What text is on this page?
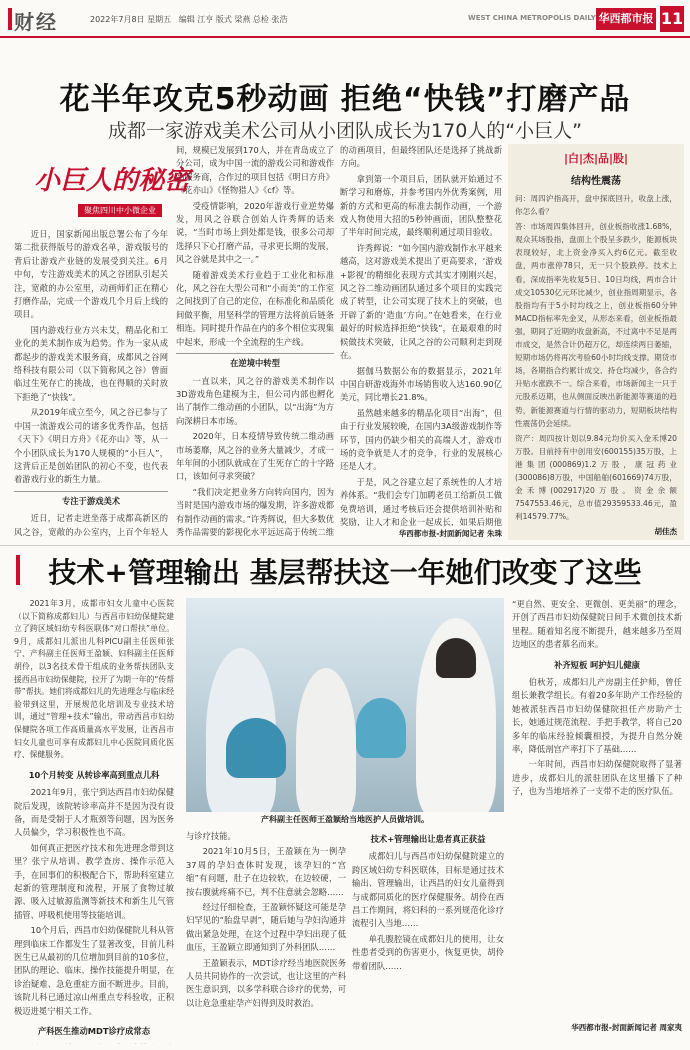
财经	2022年7月8日 星期五 编辑 江亨 版式 梁燕 总检 张浩	WEST CHINA METROPOLIS DAILY 华西都市报 11
花半年攻克5秒动画 拒绝“快钱”打磨产品
成都一家游戏美术公司从小团队成长为170人的“小巨人”
小巨人的秘密
聚焦四川中小微企业

近日，国家新闻出版总署公布了今年第二批获得版号的游戏名单，游戏版号的背后让游戏产业链的发展受到关注。6月中旬，专注游戏美术的风之谷团队引起关注，宽敞的办公室里，动画师们正在精心打磨作品，完成一个游戏几个月后上线的项目。

国内游戏行业方兴未艾，精品化和工业化的美术制作成为趋势。作为一家从成都起步的游戏美术服务商，成都风之谷网络科技有限公司（以下简称风之谷）曾面临过生死存亡的挑战，也在得顺的关时放下拒绝了“快钱”。

从2019年成立至今，风之谷已参与了中国一流游戏公司的诸多优秀作品，包括《天下》《明日方舟》《花亦山》等，从一个小团队成长为170人规模的“小巨人”，这背后正是创始团队的初心不变，也代表着游戏行业的新生力量。

专注于游戏美术

近日，记者走进坐落于成都高新区的风之谷，宽敞的办公室内，上百个年轻人

间，规模已发展到170人，并在青岛成立了分公司，成为中国一流的游戏公司和游戏作品服务商，合作过的项目包括《明日方舟》《花亦山》《怪物猎人》《cf》等。

受疫情影响，2020年游戏行业逆势爆发，用风之谷联合创始人许秀辉的话来说，“当时市场上到处都是钱，很多公司却选择只下心打磨产品，寻求更长期的发展，风之谷就是其中之一。”

随着游戏美术行业趋于工业化和标准化，风之谷在大型公司和“小而美”的工作室之间找到了自己的定位，在标准化和品质化间做平衡，用坚科学的管理方法将前后链条相连。同时提升作品在内的多个相位实现集中起来，形成一个全流程的生产线。

在逆境中转型

一直以来，风之谷的游戏美术制作以3D游戏角色建模为主，但公司内部也孵化出了制作二维动画的小团队，以“出海”为方向深耕日本市场。

2020年，日本疫情导致传统二维动画市场萎靡，风之谷的业务大量减少，才成一年年间的小团队就成在了生死存亡的十字路口，该如何寻求突破？

“我们决定把业务方向转向国内，因为当时是国内游戏市场的爆发期，许多游戏都有制作动画的需求。”许秀辉说，但大多数优秀作品需要的影视化水平远远高于传统二维

的动画项目，但最终团队还是选择了挑战新方向。

拿到第一个项目后，团队就开始通过不断学习和磨炼，并参考国内外优秀案例，用新的方式和更高的标准去制作动画，一个游戏人物使用大招的5秒钟画面，团队整整花了半年时间完成，最终顺利通过项目验收。

许秀辉说：“如今国内游戏制作水平越来越高，这对游戏美术提出了更高要求，‘游戏+影视’的精细化表现方式其实才刚刚兴起，风之谷二维动画团队通过多个项目的实践完成了转型，让公司实现了技术上的突破，也开辟了新的‘造血’方向。”在她看来，在行业最好的时候选择拒绝“快钱”，在最艰难的时候做技术突破，让风之谷的公司顺利走到现在。

据伽马数据公布的数据显示，2021年中国自研游戏海外市场销售收入达160.90亿美元，同比增长21.8%。

虽然越来越多的精品化项目“出海”，但由于行业发展较晚，在国内3A级游戏制作等环节，国内仍缺少相关的高端人才，游戏市场的竞争就是人才的竞争，行业的发展核心还是人才。

于是，风之谷建立起了系统性的人才培养体系。“我们会专门加聘老员工给新员工做免费培训，通过考核后还会提供培训补贴和奖励，让人才和企业一起成长，如果后期他

华西都市报-封面新闻记者 朱珠
|白|杰|品|股|
结构性震荡

问：周四沪指高开，盘中探底回升，收盘上涨，你怎么看？

答：市场周四集体回升，创业板指收涨1.68%，观众其场股指，盘面上个股呈多跌少，能源板块表现较好，北上资金净买入约6亿元。截至收盘，两市涨停78只，无一只个股跌停。技术上看，深成指率先收复5日、10日均线，两市合计成交10530亿元环比减少，创业指周期显示，各股指均有于5小时均线之上，创业板指60分钟MACD指标率先金叉，从形态来看，创业板指最强，期间了近期的收盘新高，不过离中不足是两市成交，是然合计仍超万亿，却连续两日萎缩，短期市场仍将再次考验60小时均线支撑。期货市场，各期指合约累计成交、持仓均减少，各合约升贴水涨跌不一。综合来看，市场新闻主一只于元股系迈期，也从侧面反映出新能源等赛道的趋势，新能源赛道与行情的驱动力，短期板块结构性震荡仍会延续。

资产：周四按计划以9.84元均价买入金禾博20万股。目前持有中创用安(600155)35万股，上港集团(000869)1.2万股，康冠药业(300086)8万股，中国船舶(601669)74万股，金禾博(002917)20万股。资金余额7547553.46元，总市值29359533.46元，盈利14579.77%。

胡佳杰
技术+管理输出 基层帮扶这一年她们改变了这些

2021年3月，成都市妇女儿童中心医院（以下简称成都妇儿）与西昌市妇幼保健院建立了跨区域妇幼专科医联体“对口帮扶”单位。9月，成都妇儿派出儿科PICU副主任医师张宁、产科副主任医师王盈颖、妇科副主任医师胡伶，以3名技术骨干组成的业务帮扶团队支援西昌市妇幼保健院，拉开了为期一年的“传帮带”帮扶。她们将成都妇儿的先进理念与临床经验带到这里，开展规范化培训及专业技术培训，通过“管理+技术”输出，带动西昌市妇幼保健院各项工作高质量高水平发展，让西昌市妇女儿童也可享有成都妇儿中心医院同质化医疗、保健服务。

10个月转变 从转诊率高到重点儿科

2021年9月，张宁到达西昌市妇幼保健院后发现，该院转诊率高并不是因为没有设备，而是受制于人才瓶颈等问题，因为医务人员偏少，学习积极性也不高。

如何真正把医疗技术和先进理念带到这里？张宁从培训、教学查房、操作示范入手，在回事们的积极配合下，帮助科室建立起新的管理制度和流程，开展了食物过敏源、吸入过敏源监测等新技术和新生儿气管插管、呼吸机使用等技能培训。

10个月后，西昌市妇幼保健院儿科从管理到临床工作都发生了显著改变，目前儿科医生已从最初的几位增加到目前的10多位，团队的理论、临床、操作技能提升明显，在诊治疑难、急危重症方面不断进步。目前，该院儿科已通过凉山州重点专科验收，正积极迈进冕宁相关工作。

产科医生推动MDT诊疗成常态

产科副主任医师王盈颖给当地医护人员做培训。

与诊疗技能。

2021年10月5日，王盈颖在为一例孕37周的孕妇查体时发现，该孕妇的“宫缩”有问题，肚子在边较软，在边较硬，一按右腹就疼痛不已，判不住意就会忽略……

经过仔细检查，王盈颖怀疑这可能是孕妇罕见的“胎盘早剥”，随后她与孕妇沟通并做出紧急处理，在这个过程中孕妇出现了低血压，王盈颖立即通知到了外科团队……

王盈颖表示，MDT诊疗经当地医院医务人员共同协作的一次尝试，也让这里的产科医生意识到，以多学科联合诊疗的优势，可以让危急重症孕产妇得到及时救治。

技术+管理输出让患者真正获益

成都妇儿与西昌市妇幼保健院建立的跨区域妇幼专科医联体，目标是通过技术输出、管理输出，让西昌的妇女儿童得到与成都同质化的医疗保健服务。胡伶在西昌工作期间，将妇科的一系列规范化诊疗流程引入当地……

单孔腹腔镜在成都妇儿的使用，让女性患者受到的伤害更小，恢复更快，胡伶带着团队……

“更自然、更安全、更微创、更美丽”的理念，开创了西昌市妇幼保健院日间手术微创技术新里程。随着知名度不断提升，越来越多乃至周边地区的患者慕名而来。

补齐短板 呵护妇儿健康

伯秋芳，成都妇儿产房副主任护师，曾任组长兼教学组长。有着20多年助产工作经验的她被派驻西昌市妇幼保健院担任产房助产士长，她通过规范流程、手把手教学，将自己20多年的临床经验倾囊相授，为提升自然分娩率，降低剖宫产率打下了基础……

一年时间，西昌市妇幼保健院取得了显著进步，成都妇儿的派驻团队在这里播下了种子，也为当地培养了一支带不走的医疗队伍。

华西都市报-封面新闻记者 周家夷
